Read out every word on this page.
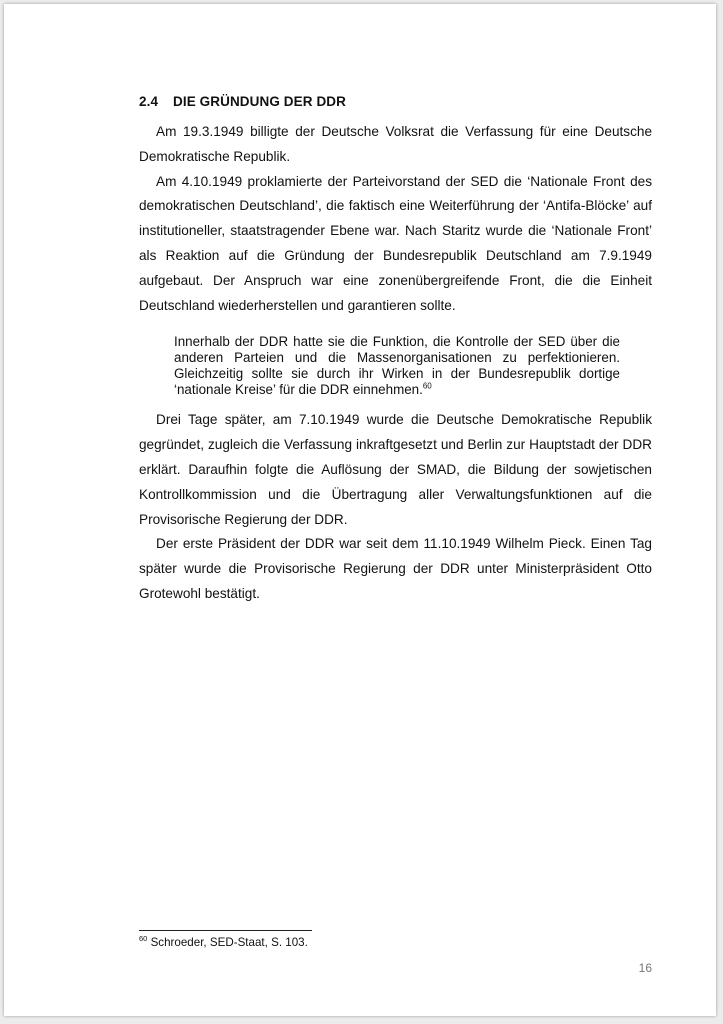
2.4 DIE GRÜNDUNG DER DDR

Am 19.3.1949 billigte der Deutsche Volksrat die Verfassung für eine Deutsche Demokratische Republik.

Am 4.10.1949 proklamierte der Parteivorstand der SED die ‘Nationale Front des demokratischen Deutschland’, die faktisch eine Weiterführung der ‘Antifa-Blöcke’ auf institutioneller, staatstragender Ebene war. Nach Staritz wurde die ‘Nationale Front’ als Reaktion auf die Gründung der Bundesrepublik Deutschland am 7.9.1949 aufgebaut. Der Anspruch war eine zonenübergreifende Front, die die Einheit Deutschland wiederherstellen und garantieren sollte.

Innerhalb der DDR hatte sie die Funktion, die Kontrolle der SED über die anderen Parteien und die Massenorganisationen zu perfektionieren. Gleichzeitig sollte sie durch ihr Wirken in der Bundesrepublik dortige ‘nationale Kreise’ für die DDR einnehmen.$^{60}$

Drei Tage später, am 7.10.1949 wurde die Deutsche Demokratische Republik gegründet, zugleich die Verfassung inkraftgesetzt und Berlin zur Hauptstadt der DDR erklärt. Daraufhin folgte die Auflösung der SMAD, die Bildung der sowjetischen Kontrollkommission und die Übertragung aller Verwaltungsfunktionen auf die Provisorische Regierung der DDR.

Der erste Präsident der DDR war seit dem 11.10.1949 Wilhelm Pieck. Einen Tag später wurde die Provisorische Regierung der DDR unter Ministerpräsident Otto Grotewohl bestätigt.

$^{60}$ Schroeder, SED-Staat, S. 103.
16
